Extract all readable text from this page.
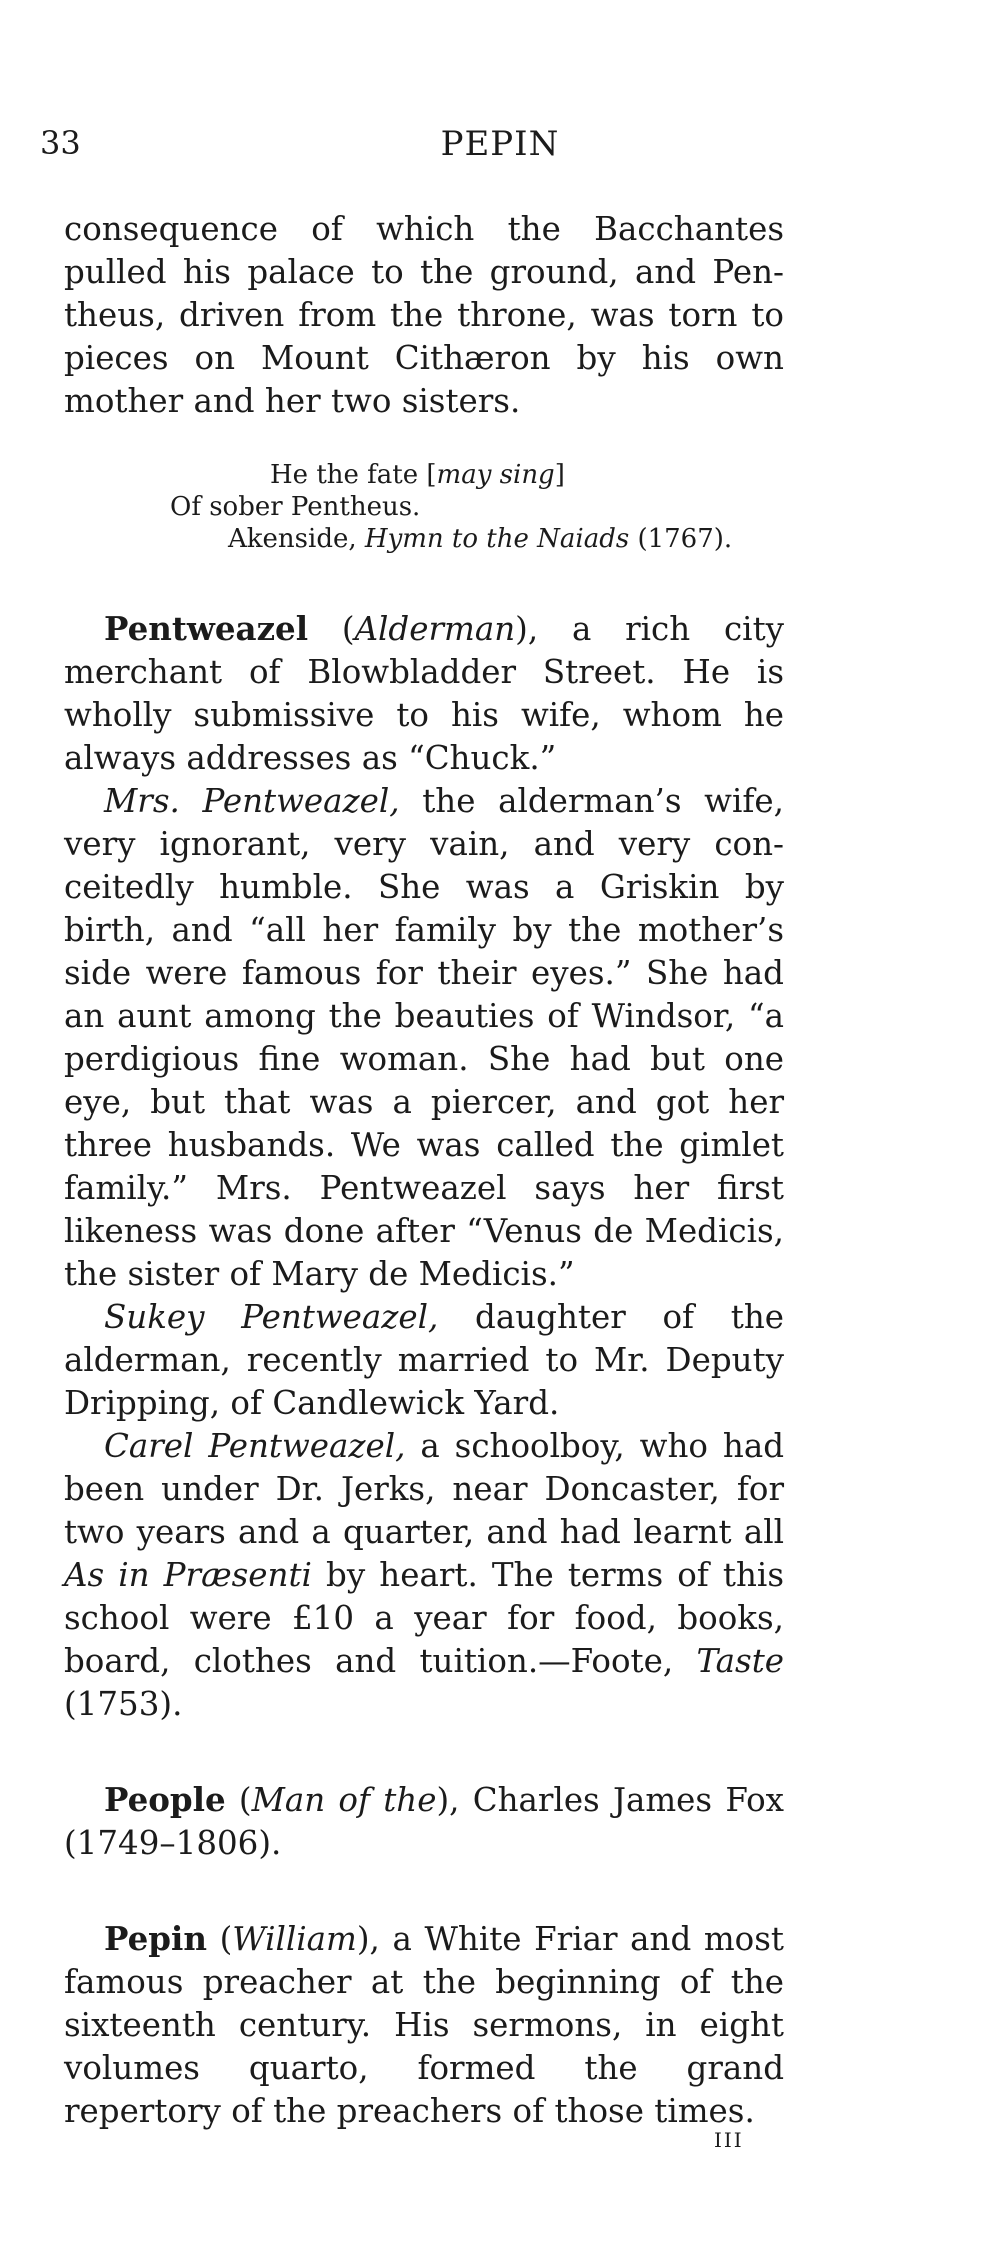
33	PEPIN

consequence of which the Bacchantes pulled his palace to the ground, and Pentheus, driven from the throne, was torn to pieces on Mount Cithæron by his own mother and her two sisters.

He the fate [may sing]
Of sober Pentheus.
Akenside, Hymn to the Naiads (1767).

Pentweazel (Alderman), a rich city merchant of Blowbladder Street. He is wholly submissive to his wife, whom he always addresses as “Chuck.”

Mrs. Pentweazel, the alderman’s wife, very ignorant, very vain, and very conceitedly humble. She was a Griskin by birth, and “all her family by the mother’s side were famous for their eyes.” She had an aunt among the beauties of Windsor, “a perdigious fine woman. She had but one eye, but that was a piercer, and got her three husbands. We was called the gimlet family.” Mrs. Pentweazel says her first likeness was done after “Venus de Medicis, the sister of Mary de Medicis.”

Sukey Pentweazel, daughter of the alderman, recently married to Mr. Deputy Dripping, of Candlewick Yard.

Carel Pentweazel, a schoolboy, who had been under Dr. Jerks, near Doncaster, for two years and a quarter, and had learnt all As in Præsenti by heart. The terms of this school were £10 a year for food, books, board, clothes and tuition.—Foote, Taste (1753).

People (Man of the), Charles James Fox (1749–1806).

Pepin (William), a White Friar and most famous preacher at the beginning of the sixteenth century. His sermons, in eight volumes quarto, formed the grand repertory of the preachers of those times.

III
